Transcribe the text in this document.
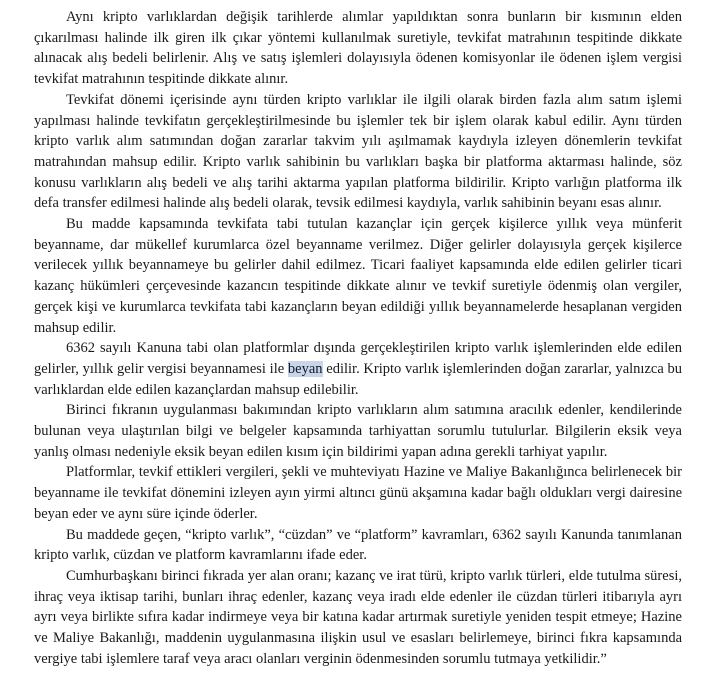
Aynı kripto varlıklardan değişik tarihlerde alımlar yapıldıktan sonra bunların bir kısmının elden çıkarılması halinde ilk giren ilk çıkar yöntemi kullanılmak suretiyle, tevkifat matrahının tespitinde dikkate alınacak alış bedeli belirlenir. Alış ve satış işlemleri dolayısıyla ödenen komisyonlar ile ödenen işlem vergisi tevkifat matrahının tespitinde dikkate alınır.

Tevkifat dönemi içerisinde aynı türden kripto varlıklar ile ilgili olarak birden fazla alım satım işlemi yapılması halinde tevkifatın gerçekleştirilmesinde bu işlemler tek bir işlem olarak kabul edilir. Aynı türden kripto varlık alım satımından doğan zararlar takvim yılı aşılmamak kaydıyla izleyen dönemlerin tevkifat matrahından mahsup edilir. Kripto varlık sahibinin bu varlıkları başka bir platforma aktarması halinde, söz konusu varlıkların alış bedeli ve alış tarihi aktarma yapılan platforma bildirilir. Kripto varlığın platforma ilk defa transfer edilmesi halinde alış bedeli olarak, tevsik edilmesi kaydıyla, varlık sahibinin beyanı esas alınır.

Bu madde kapsamında tevkifata tabi tutulan kazançlar için gerçek kişilerce yıllık veya münferit beyanname, dar mükellef kurumlarca özel beyanname verilmez. Diğer gelirler dolayısıyla gerçek kişilerce verilecek yıllık beyannameye bu gelirler dahil edilmez. Ticari faaliyet kapsamında elde edilen gelirler ticari kazanç hükümleri çerçevesinde kazancın tespitinde dikkate alınır ve tevkif suretiyle ödenmiş olan vergiler, gerçek kişi ve kurumlarca tevkifata tabi kazançların beyan edildiği yıllık beyannamelerde hesaplanan vergiden mahsup edilir.

6362 sayılı Kanuna tabi olan platformlar dışında gerçekleştirilen kripto varlık işlemlerinden elde edilen gelirler, yıllık gelir vergisi beyannamesi ile beyan edilir. Kripto varlık işlemlerinden doğan zararlar, yalnızca bu varlıklardan elde edilen kazançlardan mahsup edilebilir.

Birinci fıkranın uygulanması bakımından kripto varlıkların alım satımına aracılık edenler, kendilerinde bulunan veya ulaştırılan bilgi ve belgeler kapsamında tarhiyattan sorumlu tutulurlar. Bilgilerin eksik veya yanlış olması nedeniyle eksik beyan edilen kısım için bildirimi yapan adına gerekli tarhiyat yapılır.

Platformlar, tevkif ettikleri vergileri, şekli ve muhteviyatı Hazine ve Maliye Bakanlığınca belirlenecek bir beyanname ile tevkifat dönemini izleyen ayın yirmi altıncı günü akşamına kadar bağlı oldukları vergi dairesine beyan eder ve aynı süre içinde öderler.

Bu maddede geçen, “kripto varlık”, “cüzdan” ve “platform” kavramları, 6362 sayılı Kanunda tanımlanan kripto varlık, cüzdan ve platform kavramlarını ifade eder.

Cumhurbaşkanı birinci fıkrada yer alan oranı; kazanç ve irat türü, kripto varlık türleri, elde tutulma süresi, ihraç veya iktisap tarihi, bunları ihraç edenler, kazanç veya iradı elde edenler ile cüzdan türleri itibarıyla ayrı ayrı veya birlikte sıfıra kadar indirmeye veya bir katına kadar artırmak suretiyle yeniden tespit etmeye; Hazine ve Maliye Bakanlığı, maddenin uygulanmasına ilişkin usul ve esasları belirlemeye, birinci fıkra kapsamında vergiye tabi işlemlere taraf veya aracı olanları verginin ödenmesinden sorumlu tutmaya yetkilidir.”
